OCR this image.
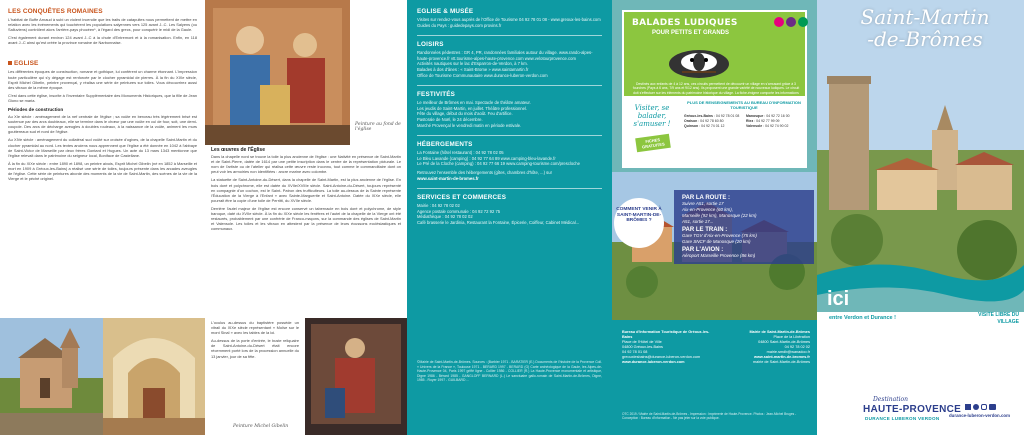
LES CONQUÊTES ROMAINES

L'habitat de Buffe Arnaud à subi un violent incendie que les traits de catapultes nous permettent de mettre en relation avec les événements qui touchèrent les populations salyennes vers 125 avant J.-C. Les Salyens (ou Salluviens) contrôlent alors l'arrière-pays phocéen*, à l'égard des grecs, pour conquérir le midi de la Gaule.

C'est également durant environ 124 avant J.-C à la chute d'Entremont et à la romanisation. Enfin, en 118 avant J.-C ainsi qu'est créée la province romaine de Narbonnaise.

EGLISE

Les différentes époques de construction, romane et gothique, lui confèrent un charme étonnant. L'impression toute particulière qui s'y dégage est renforcée par le clocher pyramidal de pierres. À la fin du XIXe siècle, Esprit Michel Gibelin, peintre provençal, y réalisa une série de peintures sur toiles. Vous découvrirez aussi des vitraux de la même époque.

C'est dans cette église, inscrite à l'Inventaire Supplémentaire des Monuments Historiques, que la fille de Jean Giono se maria.

Périodes de construction

Au XIe siècle : aménagement de la nef centrale de l'église ; sa voûte en berceau très légèrement brisé est soutenue par des arcs doubleaux, elle se termine dans le chœur par une voûte en cul de four, soit, une demi-coupole. Des arcs de décharge aveugles à doubles rouleaux, à la naissance de la voûte, animent les murs gouttereaux sud et nord de l'église.

Au XIVe siècle : aménagement du collatéral sud voûté sur croisée d'ogives, de la chapelle Saint-Martin et du clocher pyramidal au nord. Les textes anciens nous apprennent que l'église a été donnée en 1042 à l'abbaye de Saint-Victor de Marseille par deux frères Gontard et Hugues. Un acte du 13 mars 1343 mentionne que l'église relevait dans le patrimoine du seigneur local, Boniface de Castellane.

À la fin du XIXe siècle : entre 1890 et 1898, un peintre aixois, Esprit Michel Gibelin (né en 1852 à Marseille et mort en 1909 à Gréoux-les-Bains) a réalisé une série de toiles, toujours présente dans les arcades aveugles de l'église. Cette série de peintures aborde des moments de la vie de Saint-Martin, des scènes de la vie de la Vierge et le péché originel.

Peinture au fond de l'église
Les œuvres de l'Église

Dans la chapelle nord se trouve la toile la plus ancienne de l'église : une Nativité en présence de Saint-Martin et de Saint-Pierre, datée de 1614 par une petite inscription dans le centre de la représentation picturale. Le nom de l'artiste ou de l'atelier qui réalisa cette œuvre reste inconnu, tout comme le commanditaire dont on peut voir les armoiries non identifiées : ancre marine avec colombe.

La statuette de Saint-Antoine-du-Désert, dans la chapelle de Saint-Martin, est la plus ancienne de l'église. En bois doré et polychrome, elle est datée du XVIIe/XVIIIe siècle. Saint-Antoine-du-Désert, toujours représenté en compagnie d'un cochon, est le Saint- Patron des trufficulteurs. La toile au-dessus de la Sainte représente l'Éducation de la Vierge à l'Enfant » avec Sainte-Marguerite et Saint-Antoine. Datée du XIXe siècle, elle pourrait être la copie d'une toile de Perritti, du XVIIe siècle.

Derrière l'autel majeur de l'église est encore conservé un tabernacle en bois doré et polychrome, de style baroque, daté du XVIIe siècle. À la fin du XIXe siècle les fenêtres et l'autel de la chapelle de la Vierge ont été restaurés, probablement par une confrérie de Franco-maçons, sur la commande des églises de Saint-Martin et Valensole. Les toiles et les vitraux en attestent par la présence de leurs écussons ecclésiastiques et communaux.

L'oculus au-dessus du baptistère possède un vitrail du XIXe siècle représentant « Moïse sur le mont Sinaï » avec les tables de la loi.

Au-dessus de la porte d'entrée, le buste reliquaire de Saint-Antoine-du-Désert était encore récemment porté lors de la procession annuelle du 13 janvier, jour de sa fête.

Peinture Michel Gibelin
EGLISE & MUSÉE
Visites sur rendez-vous auprès de l'Office de Tourisme 04 92 78 01 08 - www.greoux-les-bains.com
Guides du Pays : guidedepays.com provins.fr
LOISIRS
Randonnées pédestres : GR 4, PR, randonnées familiales autour du village. www.rando-alpes-haute-provence.fr vtt.tourisme-alpes-haute-provence.com www.velotourprovence.com
Activités nautiques sur le lac d'Esparron-de-Verdon, à 7 km.
Balades à dos d'ânes : « Saint-Brome » www.saintamartin.fr
Office de Tourisme Communautaire www.durance-luberon-verdon.com
FESTIVITÉS
Le meilleur de Brômes en mai. Spectacle de théâtre amateur.
Les jeudis de Saint-Martin, en juillet. Théâtre professionnel.
Fête du village, début du mois d'août. Feu d'artifice.
Pastorale de Noël, le 24 décembre.
Marché Provençal le vendredi matin en période estivale.
HÉBERGEMENTS
La Fontaine (hôtel restaurant) : 04 92 78 02 05
Le Bleu Lavande (camping) : 04 92 77 64 89 www.camping-bleu-lavande.fr
Le Pré de la Cloche (camping) : 04 92 77 66 19 www.camping-tourisme.com/prescloche
Retrouvez l'ensemble des hébergements (gîtes, chambres d'hôte, ...) sur
www.saint-martin-de-bromes.fr
SERVICES ET COMMERCES
Mairie : 04 92 78 02 02
Agence postale communale : 04 92 72 92 75
Médiathèque : 04 92 78 02 02
Café brasserie le Jardinia, Restaurant la Fontaine, Épicerie, Coiffeur, Cabinet Médical...
©Mairie de Saint-Martin-de-Brômes. Sources : (Barbier 1971 - BARATIER (E.) Documents de l'histoire de la Provence Coll. « Univers de la France », Toulouse 1971 - BERARD 1997 - BERARD (G) Carte archéologique de la Gaule, les Alpes-de-Haute-Provence 04, Paris 1997 griffé ligne - Collier 1986 - COLLIER (R.) La Haute-Provence monumentale et artistique, Digne 1986 - Bérard 1985 - GANGLOFF BERNARD (L.) Le sanctuaire gallo-romain de Saint-Martin-de-Brômes, Digne, 1985 - Royer 1997 - GUILBARD ...
BALADES LUDIQUES
POUR PETITS ET GRANDS
Destinés aux enfants de 4 à 12 ans, ces circuits permettent de découvrir un village en s'amusant grâce à 3 fourches (Pays à 6 ans, 7/9 ans et 9/12 ans). Ils proposent une grande variété de nouveaux ludiques. Le circuit doit s'effectuer sur les éléments du patrimoine historique du village. La fiche-énigme comporte les informations
Visiter, se balader, s'amuser !
FICHES GRATUITES
PLUS DE RENSEIGNEMENTS AU BUREAU D'INFORMATION TOURISTIQUE
Gréoux-les-Bains : 04 92 78 01 08	Manosque : 04 92 72 16 00
Oraison : 04 92 78 60 80	Riez : 04 92 77 99 09
Quinson : 04 92 74 01 12	Valensole : 04 92 74 90 02
COMMENT VENIR À SAINT-MARTIN-DE-BRÔMES ?
PAR LA ROUTE :
Suivre A51, sortie 17
Aix-en-Provence (60 km),
Marseille (92 km), Manosque (22 km)
A51, sortie 17...
PAR LE TRAIN :
Gare TGV d'Aix-en-Provence (75 km)
Gare SNCF de Manosque (20 km)
PAR L'AVION :
Aéroport Marseille Provence (86 km)
Bureau d'Information Touristique de Gréoux-les-Bains
Place de l'Hôtel de Ville
04800 Gréoux-les-Bains
04 92 78 01 08
greouxlesbains@durance-luberon-verdon.com
www.durance-luberon-verdon.com
Mairie de Saint-Martin-de-Brômes
Place de la Libération
04800 Saint-Martin-de-Brômes
04 92 78 02 02
mairie.smdb@wanadoo.fr
www.saint-martin-de-bromes.fr
mairie de Saint-Martin-de-Brômes
OTC 2019 / Mairie de Saint-Martin-de-Brômes - Impression : Imprimerie de Haute-Provence. Photos : Jean-Michel Bruges - Conception : Bureau d'Information - Ne pas jeter sur la voie publique.
Saint-Martin
-de-Brômes
ici
entre Verdon et Durance !	VISITE LIBRE DU VILLAGE
Destination
HAUTE-PROVENCE
DURANCE LUBERON VERDON
durance-luberon-verdon.com
